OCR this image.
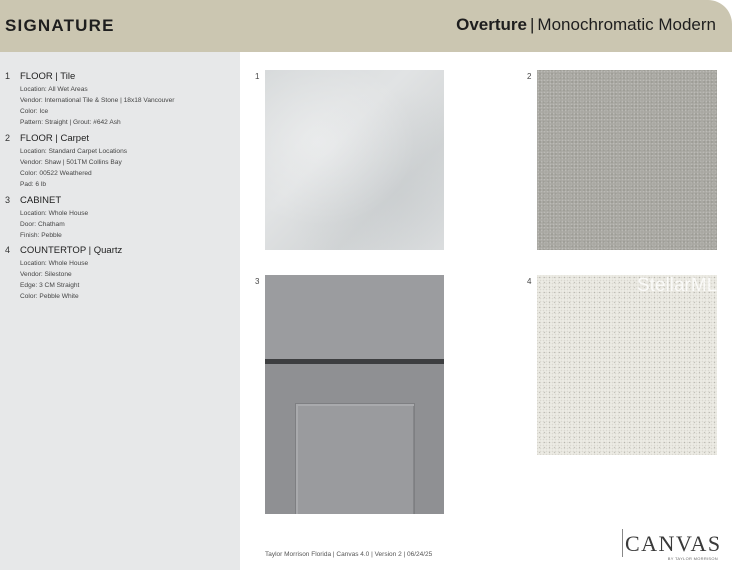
SIGNATURE	Overture | Monochromatic Modern
1 FLOOR | Tile
Location: All Wet Areas
Vendor: International Tile & Stone | 18x18 Vancouver
Color: Ice
Pattern: Straight | Grout: #642 Ash
2 FLOOR | Carpet
Location: Standard Carpet Locations
Vendor: Shaw | 501TM Collins Bay
Color: 00522 Weathered
Pad: 6 lb
3 CABINET
Location: Whole House
Door: Chatham
Finish: Pebble
4 COUNTERTOP | Quartz
Location: Whole House
Vendor: Silestone
Edge: 3 CM Straight
Color: Pebble White
1	2
3	4	StellarMLS
Taylor Morrison Florida | Canvas 4.0 | Version 2 | 06/24/25	CANVAS
BY TAYLOR MORRISON
